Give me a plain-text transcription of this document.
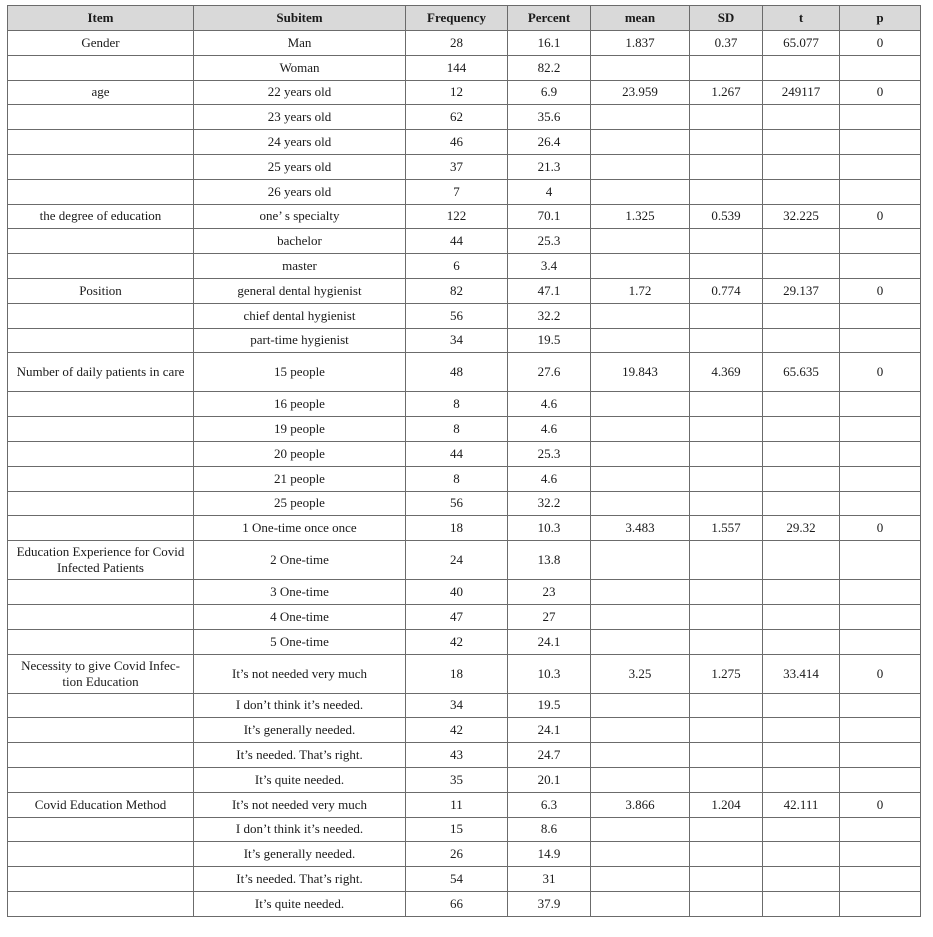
Item	Subitem	Frequency	Percent	mean	SD	t	p
Gender	Man	28	16.1	1.837	0.37	65.077	0
	Woman	144	82.2				
age	22 years old	12	6.9	23.959	1.267	249117	0
	23 years old	62	35.6				
	24 years old	46	26.4				
	25 years old	37	21.3				
	26 years old	7	4				
the degree of education	one’ s specialty	122	70.1	1.325	0.539	32.225	0
	bachelor	44	25.3				
	master	6	3.4				
Position	general dental hygienist	82	47.1	1.72	0.774	29.137	0
	chief dental hygienist	56	32.2				
	part-time hygienist	34	19.5				
Number of daily patients in care	15 people	48	27.6	19.843	4.369	65.635	0
	16 people	8	4.6				
	19 people	8	4.6				
	20 people	44	25.3				
	21 people	8	4.6				
	25 people	56	32.2				
	1 One-time once once	18	10.3	3.483	1.557	29.32	0
Education Experience for Covid Infected Patients	2 One-time	24	13.8				
	3 One-time	40	23				
	4 One-time	47	27				
	5 One-time	42	24.1				
Necessity to give Covid Infec-tion Education	It’s not needed very much	18	10.3	3.25	1.275	33.414	0
	I don’t think it’s needed.	34	19.5				
	It’s generally needed.	42	24.1				
	It’s needed. That’s right.	43	24.7				
	It’s quite needed.	35	20.1				
Covid Education Method	It’s not needed very much	11	6.3	3.866	1.204	42.111	0
	I don’t think it’s needed.	15	8.6				
	It’s generally needed.	26	14.9				
	It’s needed. That’s right.	54	31				
	It’s quite needed.	66	37.9				
